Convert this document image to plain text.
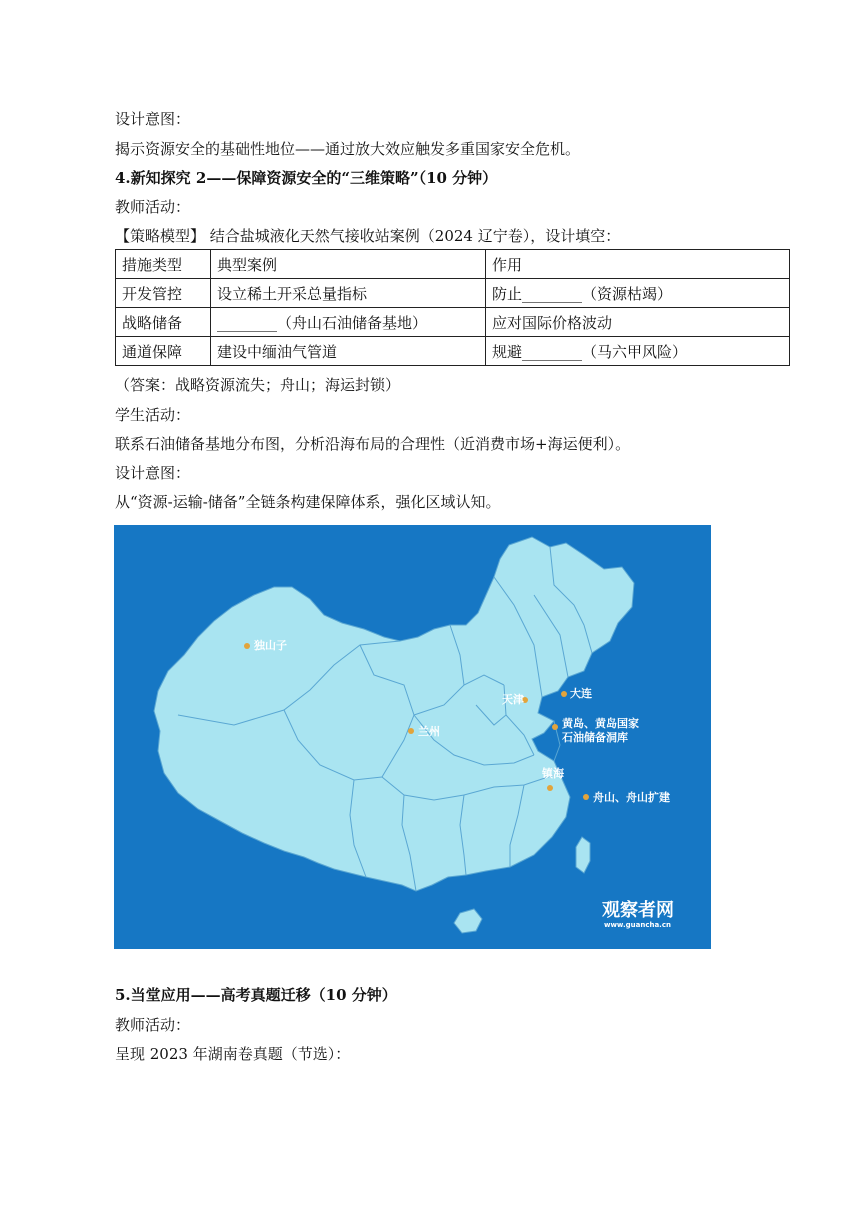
设计意图：
揭示资源安全的基础性地位——通过放大效应触发多重国家安全危机。
4.新知探究 2——保障资源安全的“三维策略”（10 分钟）
教师活动：
【策略模型】 结合盐城液化天然气接收站案例（2024 辽宁卷），设计填空：
措施类型	典型案例	作用
开发管控	设立稀土开采总量指标	防止________（资源枯竭）
战略储备	________（舟山石油储备基地）	应对国际价格波动
通道保障	建设中缅油气管道	规避________（马六甲风险）
（答案：战略资源流失；舟山；海运封锁）
学生活动：
联系石油储备基地分布图，分析沿海布局的合理性（近消费市场+海运便利）。
设计意图：
从“资源-运输-储备”全链条构建保障体系，强化区域认知。
独山子
兰州
天津	大连
黄岛、黄岛国家
石油储备洞库
镇海
舟山、舟山扩建
观察者网
www.guancha.cn
5.当堂应用——高考真题迁移（10 分钟）
教师活动：
呈现 2023 年湖南卷真题（节选）：
